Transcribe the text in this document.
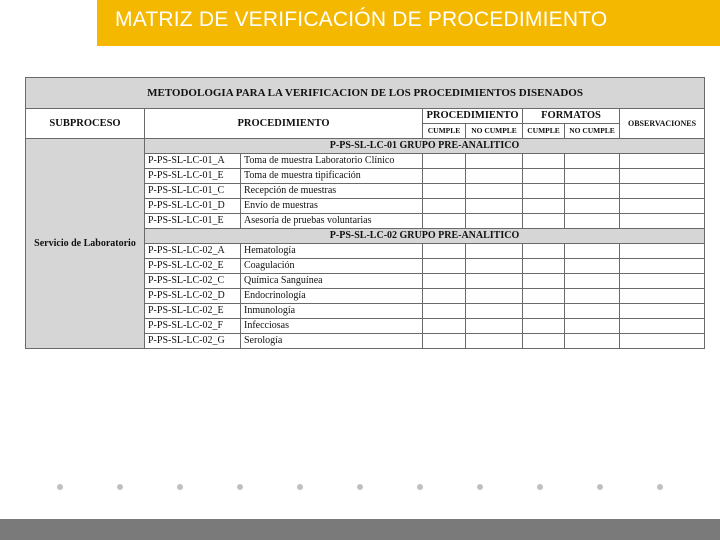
MATRIZ DE VERIFICACIÓN DE PROCEDIMIENTO
METODOLOGIA PARA LA VERIFICACION DE LOS PROCEDIMIENTOS DISENADOS							
SUBPROCESO	PROCEDIMIENTO		PROCEDIMIENTO		FORMATOS		OBSERVACIONES
			CUMPLE	NO CUMPLE	CUMPLE	NO CUMPLE	
Servicio de Laboratorio	P-PS-SL-LC-01 GRUPO PRE-ANALITICO						
	P-PS-SL-LC-01_A	Toma de muestra Laboratorio Clínico					
	P-PS-SL-LC-01_E	Toma de muestra tipificación					
	P-PS-SL-LC-01_C	Recepción de muestras					
	P-PS-SL-LC-01_D	Envío de muestras					
	P-PS-SL-LC-01_E	Asesoría de pruebas voluntarias					
	P-PS-SL-LC-02 GRUPO PRE-ANALITICO						
	P-PS-SL-LC-02_A	Hematología					
	P-PS-SL-LC-02_E	Coagulación					
	P-PS-SL-LC-02_C	Química Sanguínea					
	P-PS-SL-LC-02_D	Endocrinología					
	P-PS-SL-LC-02_E	Inmunología					
	P-PS-SL-LC-02_F	Infecciosas					
	P-PS-SL-LC-02_G	Serología					
